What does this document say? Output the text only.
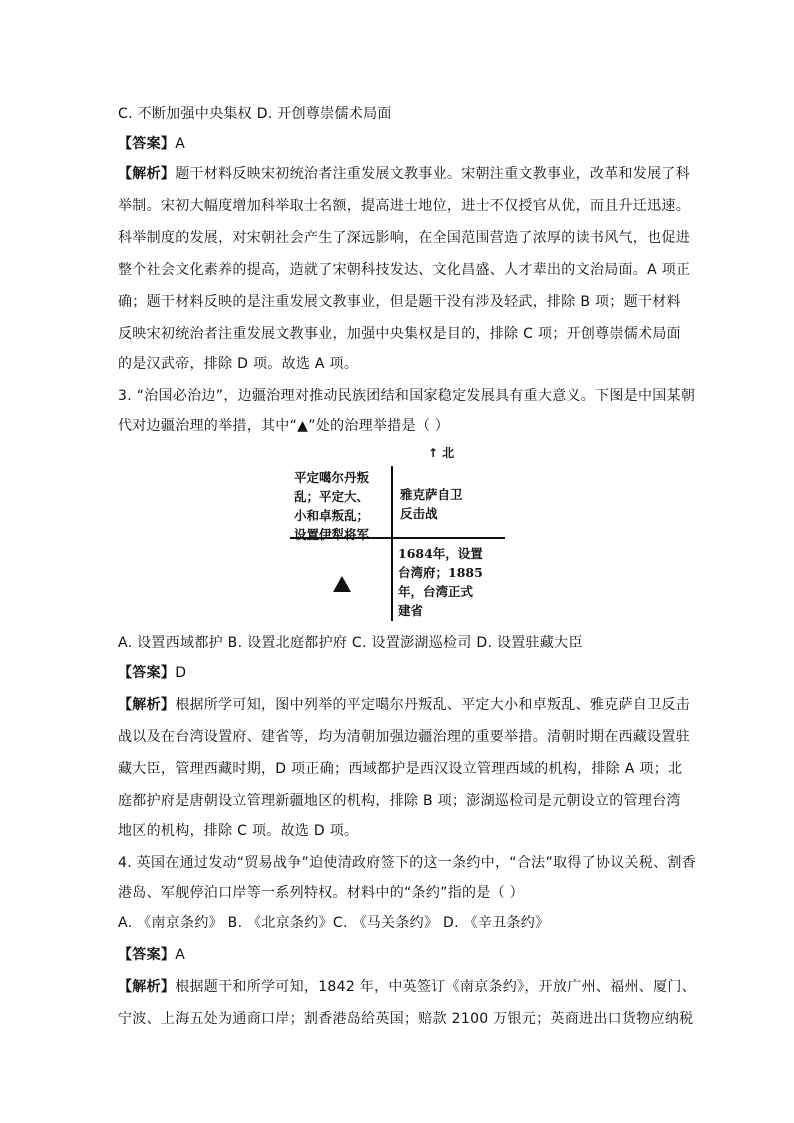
C. 不断加强中央集权 D. 开创尊崇儒术局面
【答案】A
【解析】题干材料反映宋初统治者注重发展文教事业。宋朝注重文教事业，改革和发展了科
举制。宋初大幅度增加科举取士名额，提高进士地位，进士不仅授官从优，而且升迁迅速。
科举制度的发展，对宋朝社会产生了深远影响，在全国范围营造了浓厚的读书风气，也促进
整个社会文化素养的提高，造就了宋朝科技发达、文化昌盛、人才辈出的文治局面。A 项正
确；题干材料反映的是注重发展文教事业，但是题干没有涉及轻武，排除 B 项；题干材料
反映宋初统治者注重发展文教事业，加强中央集权是目的，排除 C 项；开创尊崇儒术局面
的是汉武帝，排除 D 项。故选 A 项。
3. “治国必治边”，边疆治理对推动民族团结和国家稳定发展具有重大意义。下图是中国某朝
代对边疆治理的举措，其中“▲”处的治理举措是（ ）
↑ 北
平定噶尔丹叛
乱；平定大、
小和卓叛乱；
设置伊犁将军
雅克萨自卫
反击战
1684年，设置
台湾府；1885
年，台湾正式
建省
A. 设置西域都护 B. 设置北庭都护府 C. 设置澎湖巡检司 D. 设置驻藏大臣
【答案】D
【解析】根据所学可知，图中列举的平定噶尔丹叛乱、平定大小和卓叛乱、雅克萨自卫反击
战以及在台湾设置府、建省等，均为清朝加强边疆治理的重要举措。清朝时期在西藏设置驻
藏大臣，管理西藏时期，D 项正确；西域都护是西汉设立管理西域的机构，排除 A 项；北
庭都护府是唐朝设立管理新疆地区的机构，排除 B 项；澎湖巡检司是元朝设立的管理台湾
地区的机构，排除 C 项。故选 D 项。
4. 英国在通过发动“贸易战争”迫使清政府签下的这一条约中，“合法”取得了协议关税、割香
港岛、军舰停泊口岸等一系列特权。材料中的“条约”指的是（ ）
A. 《南京条约》 B. 《北京条约》C. 《马关条约》 D. 《辛丑条约》
【答案】A
【解析】根据题干和所学可知，1842 年，中英签订《南京条约》，开放广州、福州、厦门、
宁波、上海五处为通商口岸；割香港岛给英国；赔款 2100 万银元；英商进出口货物应纳税
